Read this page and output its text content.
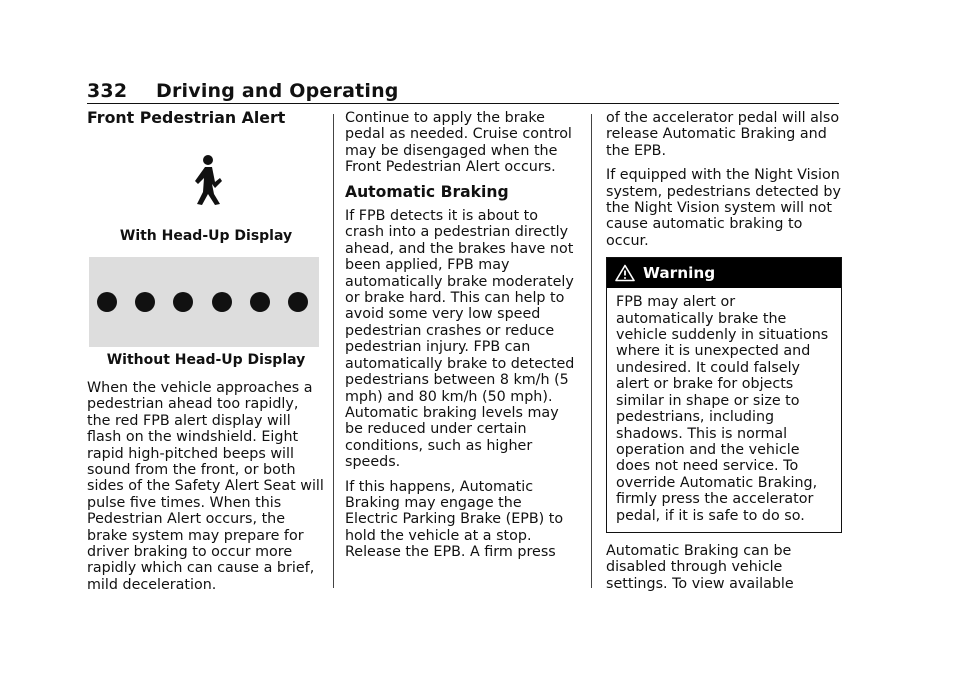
332 Driving and Operating
Front Pedestrian Alert
With Head-Up Display
Without Head-Up Display

When the vehicle approaches a pedestrian ahead too rapidly, the red FPB alert display will flash on the windshield. Eight rapid high-pitched beeps will sound from the front, or both sides of the Safety Alert Seat will pulse five times. When this Pedestrian Alert occurs, the brake system may prepare for driver braking to occur more rapidly which can cause a brief, mild deceleration.

Continue to apply the brake pedal as needed. Cruise control may be disengaged when the Front Pedestrian Alert occurs.

Automatic Braking

If FPB detects it is about to crash into a pedestrian directly ahead, and the brakes have not been applied, FPB may automatically brake moderately or brake hard. This can help to avoid some very low speed pedestrian crashes or reduce pedestrian injury. FPB can automatically brake to detected pedestrians between 8 km/h (5 mph) and 80 km/h (50 mph). Automatic braking levels may be reduced under certain conditions, such as higher speeds.

If this happens, Automatic Braking may engage the Electric Parking Brake (EPB) to hold the vehicle at a stop. Release the EPB. A firm press

of the accelerator pedal will also release Automatic Braking and the EPB.

If equipped with the Night Vision system, pedestrians detected by the Night Vision system will not cause automatic braking to occur.

Warning
FPB may alert or automatically brake the vehicle suddenly in situations where it is unexpected and undesired. It could falsely alert or brake for objects similar in shape or size to pedestrians, including shadows. This is normal operation and the vehicle does not need service. To override Automatic Braking, firmly press the accelerator pedal, if it is safe to do so.

Automatic Braking can be disabled through vehicle settings. To view available
